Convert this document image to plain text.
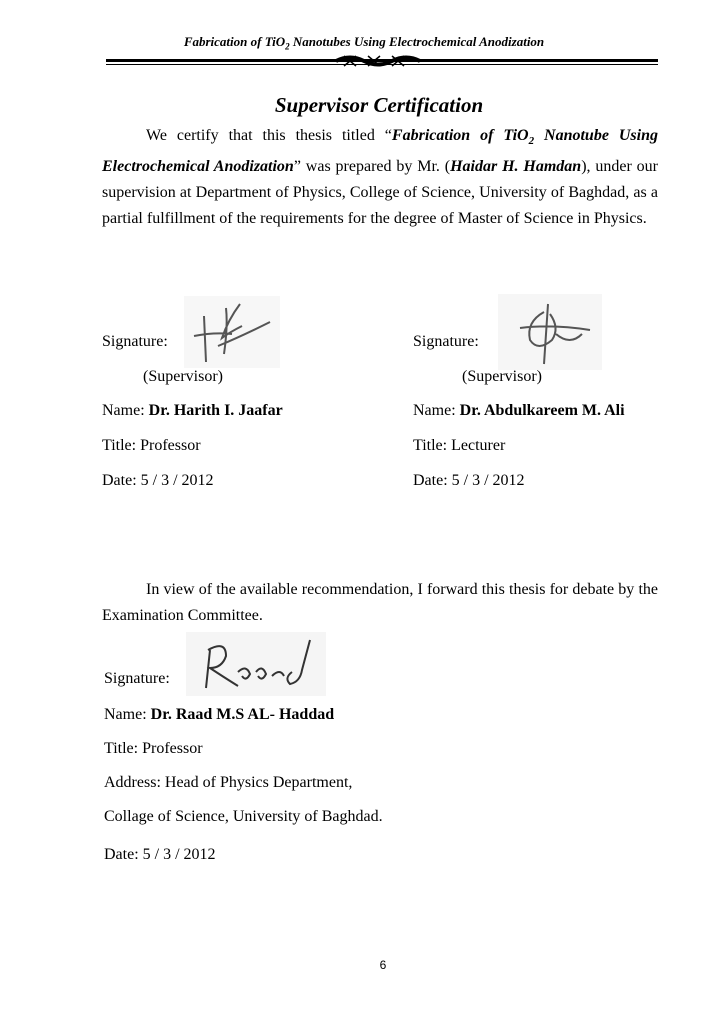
Fabrication of TiO$_2$ Nanotubes Using Electrochemical Anodization
Supervisor Certification
We certify that this thesis titled “Fabrication of TiO$_2$ Nanotube Using Electrochemical Anodization” was prepared by Mr. (Haidar H. Hamdan), under our supervision at Department of Physics, College of Science, University of Baghdad, as a partial fulfillment of the requirements for the degree of Master of Science in Physics.
Signature:
(Supervisor)
Name: Dr. Harith I. Jaafar
Title: Professor
Date: 5 / 3 / 2012
Signature:
(Supervisor)
Name: Dr. Abdulkareem M. Ali
Title: Lecturer
Date: 5 / 3 / 2012
In view of the available recommendation, I forward this thesis for debate by the Examination Committee.
Signature:
Name: Dr. Raad M.S AL- Haddad
Title: Professor
Address: Head of Physics Department,
Collage of Science, University of Baghdad.
Date: 5 / 3 / 2012
6
